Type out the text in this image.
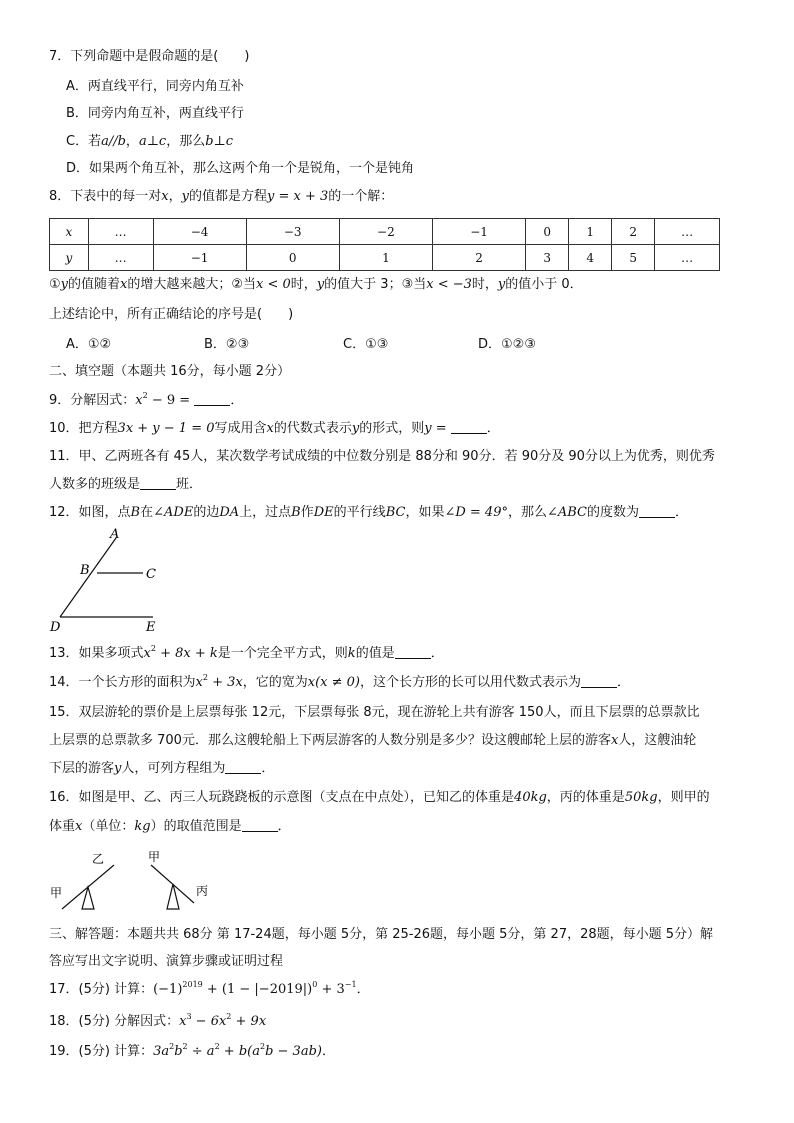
7．下列命题中是假命题的是(　　)
A．两直线平行，同旁内角互补
B．同旁内角互补，两直线平行
C．若a//b，a⊥c，那么b⊥c
D．如果两个角互补，那么这两个角一个是锐角，一个是钝角
8．下表中的每一对x，y的值都是方程y = x + 3的一个解：
x	…	−4	−3	−2	−1	0	1	2	…
y	…	−1	0	1	2	3	4	5	…
①y的值随着x的增大越来越大；②当x < 0时，y的值大于 3；③当x < −3时，y的值小于 0．
上述结论中，所有正确结论的序号是(　　)
A．①②	B．②③	C．①③	D．①②③
二、填空题（本题共 16分，每小题 2分）
9．分解因式：$x^2 - 9$ =	．
10．把方程3x + y − 1 = 0写成用含x的代数式表示y的形式，则y =	．
11．甲、乙两班各有 45人，某次数学考试成绩的中位数分别是 88分和 90分．若 90分及 90分以上为优秀，则优秀
人数多的班级是	班．
12．如图，点B在∠ADE的边DA上，过点B作DE的平行线BC，如果∠D = 49°，那么∠ABC的度数为	．
A
B	C
D	E
13．如果多项式$x^2 + 8x + k$是一个完全平方式，则k的值是	．
14．一个长方形的面积为$x^2 + 3x$，它的宽为x(x ≠ 0)，这个长方形的长可以用代数式表示为	．
15．双层游轮的票价是上层票每张 12元，下层票每张 8元，现在游轮上共有游客 150人，而且下层票的总票款比
上层票的总票款多 700元．那么这艘轮船上下两层游客的人数分别是多少？设这艘邮轮上层的游客x人，这艘油轮
下层的游客y人，可列方程组为	．
16．如图是甲、乙、丙三人玩跷跷板的示意图（支点在中点处），已知乙的体重是40kg，丙的体重是50kg，则甲的
体重x（单位：kg）的取值范围是	．
乙
甲
甲
丙
三、解答题：本题共共 68分 第 17-24题，每小题 5分，第 25-26题，每小题 5分，第 27，28题，每小题 5分）解
答应写出文字说明、演算步骤或证明过程
17．(5分) 计算：$(-1)^{2019} + (1 - |-2019|)^0 + 3^{-1}$．
18．(5分) 分解因式：$x^3 - 6x^2 + 9x$
19．(5分) 计算：$3a^2b^2 \div a^2 + b(a^2b - 3ab)$．
